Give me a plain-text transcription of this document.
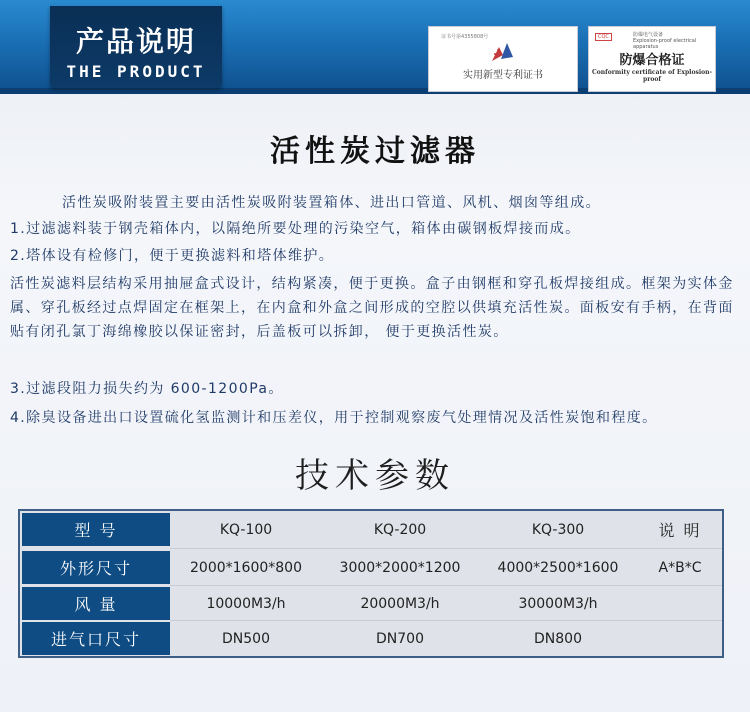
产品说明
THE PRODUCT
证书号第4355808号
实用新型专利证书
CQC	防爆电气设备
Explosion-proof electrical apparatus
防爆合格证
Conformity certificate of Explosion-proof
活性炭过滤器
活性炭吸附装置主要由活性炭吸附装置箱体、进出口管道、风机、烟囱等组成。
1.过滤滤料装于钢壳箱体内，以隔绝所要处理的污染空气，箱体由碳钢板焊接而成。
2.塔体设有检修门，便于更换滤料和塔体维护。
活性炭滤料层结构采用抽屉盒式设计，结构紧凑，便于更换。盒子由钢框和穿孔板焊接组成。框架为实体金属、穿孔板经过点焊固定在框架上，在内盒和外盒之间形成的空腔以供填充活性炭。面板安有手柄，在背面贴有闭孔氯丁海绵橡胶以保证密封，后盖板可以拆卸， 便于更换活性炭。
3.过滤段阻力损失约为 600-1200Pa。
4.除臭设备进出口设置硫化氢监测计和压差仪，用于控制观察废气处理情况及活性炭饱和程度。
技术参数
型 号	KQ-100	KQ-200	KQ-300	说 明
外形尺寸	2000*1600*800	3000*2000*1200	4000*2500*1600	A*B*C
风 量	10000M3/h	20000M3/h	30000M3/h
进气口尺寸	DN500	DN700	DN800
